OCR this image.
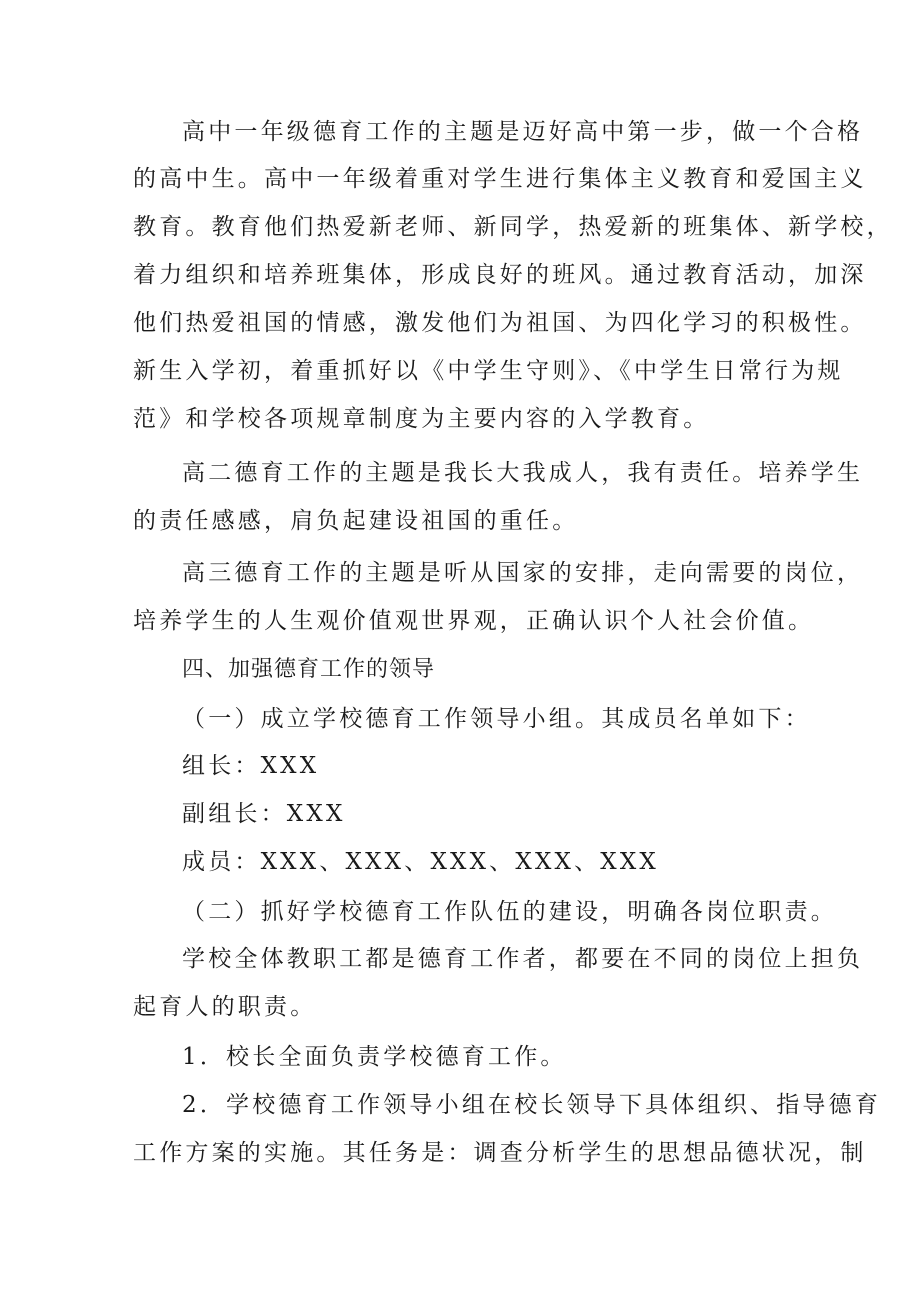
高中一年级德育工作的主题是迈好高中第一步，做一个合格
的高中生。高中一年级着重对学生进行集体主义教育和爱国主义
教育。教育他们热爱新老师、新同学，热爱新的班集体、新学校，
着力组织和培养班集体，形成良好的班风。通过教育活动，加深
他们热爱祖国的情感，激发他们为祖国、为四化学习的积极性。
新生入学初，着重抓好以《中学生守则》、《中学生日常行为规
范》和学校各项规章制度为主要内容的入学教育。
高二德育工作的主题是我长大我成人，我有责任。培养学生
的责任感感，肩负起建设祖国的重任。
高三德育工作的主题是听从国家的安排，走向需要的岗位，
培养学生的人生观价值观世界观，正确认识个人社会价值。
四、加强德育工作的领导
（一）成立学校德育工作领导小组。其成员名单如下：
组长：XXX
副组长：XXX
成员：XXX、XXX、XXX、XXX、XXX
（二）抓好学校德育工作队伍的建设，明确各岗位职责。
学校全体教职工都是德育工作者，都要在不同的岗位上担负
起育人的职责。
1．校长全面负责学校德育工作。
2．学校德育工作领导小组在校长领导下具体组织、指导德育
工作方案的实施。其任务是：调查分析学生的思想品德状况，制
